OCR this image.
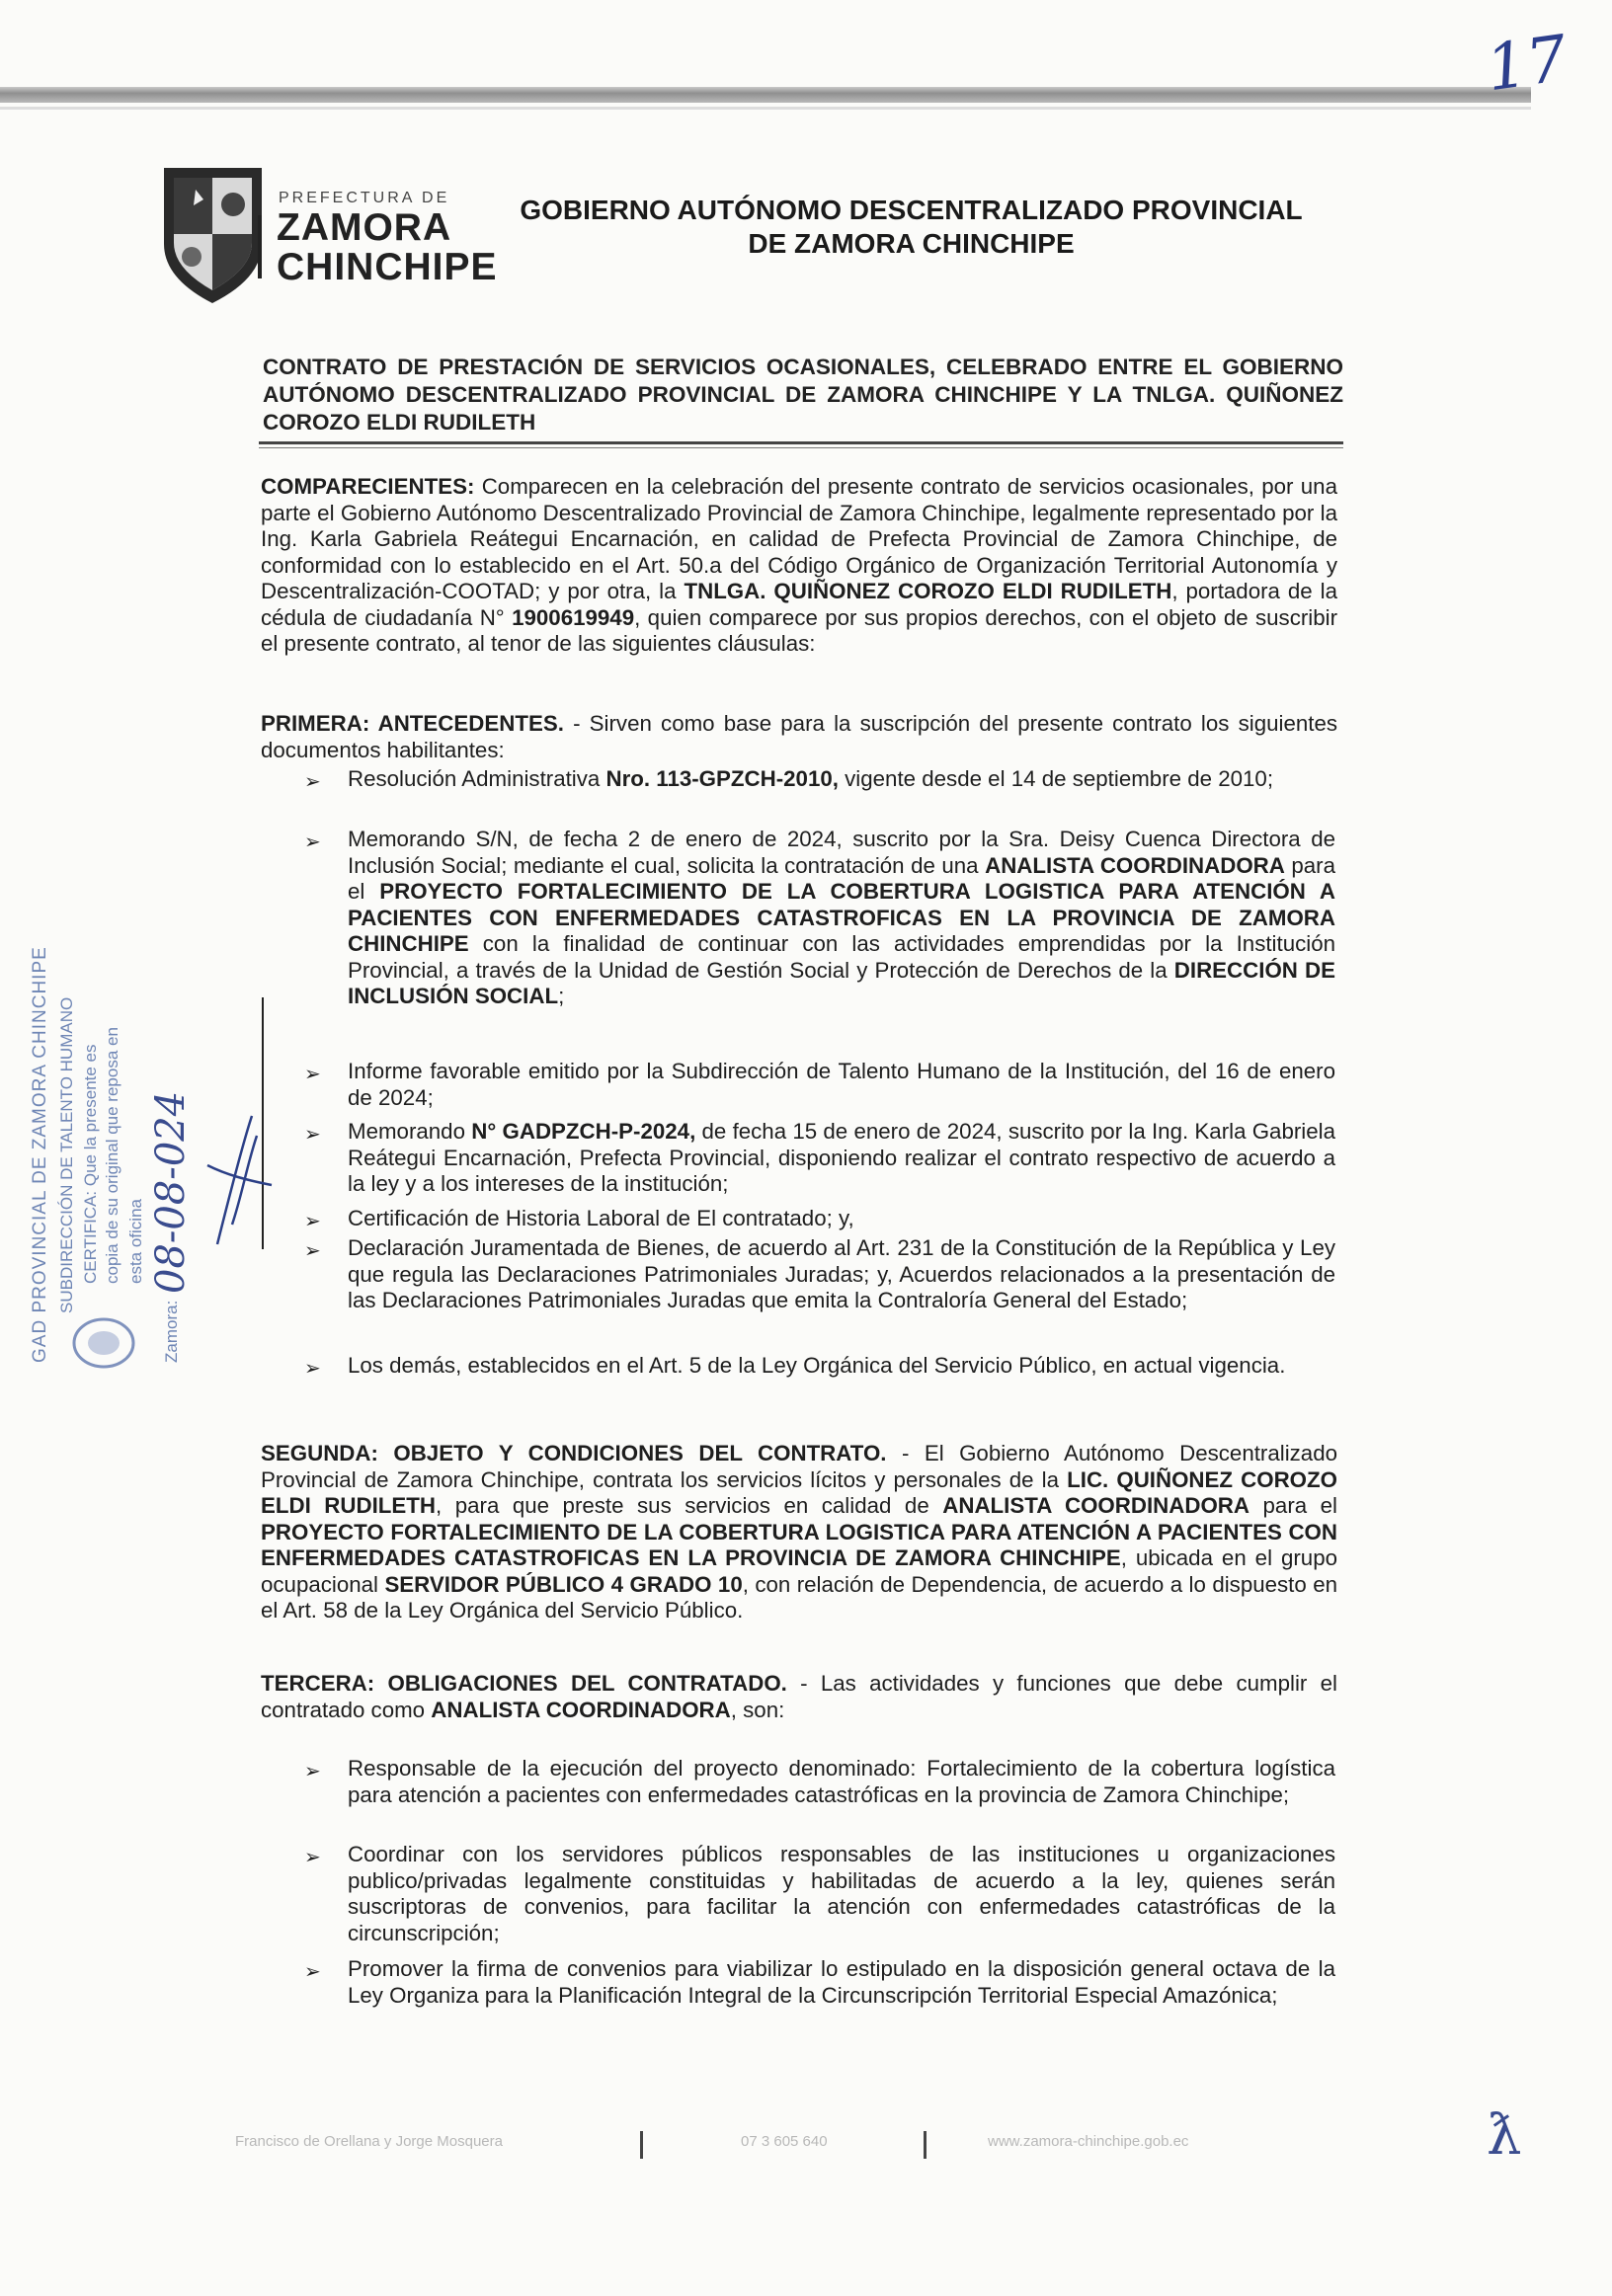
17
PREFECTURA DE
ZAMORA
CHINCHIPE
GOBIERNO AUTÓNOMO DESCENTRALIZADO PROVINCIAL
DE ZAMORA CHINCHIPE
CONTRATO DE PRESTACIÓN DE SERVICIOS OCASIONALES, CELEBRADO ENTRE EL GOBIERNO AUTÓNOMO DESCENTRALIZADO PROVINCIAL DE ZAMORA CHINCHIPE Y LA TNLGA. QUIÑONEZ COROZO ELDI RUDILETH
COMPARECIENTES: Comparecen en la celebración del presente contrato de servicios ocasionales, por una parte el Gobierno Autónomo Descentralizado Provincial de Zamora Chinchipe, legalmente representado por la Ing. Karla Gabriela Reátegui Encarnación, en calidad de Prefecta Provincial de Zamora Chinchipe, de conformidad con lo establecido en el Art. 50.a del Código Orgánico de Organización Territorial Autonomía y Descentralización-COOTAD; y por otra, la TNLGA. QUIÑONEZ COROZO ELDI RUDILETH, portadora de la cédula de ciudadanía N° 1900619949, quien comparece por sus propios derechos, con el objeto de suscribir el presente contrato, al tenor de las siguientes cláusulas:
PRIMERA: ANTECEDENTES. - Sirven como base para la suscripción del presente contrato los siguientes documentos habilitantes:
➢ Resolución Administrativa Nro. 113-GPZCH-2010, vigente desde el 14 de septiembre de 2010;
➢ Memorando S/N, de fecha 2 de enero de 2024, suscrito por la Sra. Deisy Cuenca Directora de Inclusión Social; mediante el cual, solicita la contratación de una ANALISTA COORDINADORA para el PROYECTO FORTALECIMIENTO DE LA COBERTURA LOGISTICA PARA ATENCIÓN A PACIENTES CON ENFERMEDADES CATASTROFICAS EN LA PROVINCIA DE ZAMORA CHINCHIPE con la finalidad de continuar con las actividades emprendidas por la Institución Provincial, a través de la Unidad de Gestión Social y Protección de Derechos de la DIRECCIÓN DE INCLUSIÓN SOCIAL;
➢ Informe favorable emitido por la Subdirección de Talento Humano de la Institución, del 16 de enero de 2024;
➢ Memorando N° GADPZCH-P-2024, de fecha 15 de enero de 2024, suscrito por la Ing. Karla Gabriela Reátegui Encarnación, Prefecta Provincial, disponiendo realizar el contrato respectivo de acuerdo a la ley y a los intereses de la institución;
➢ Certificación de Historia Laboral de El contratado; y,
➢ Declaración Juramentada de Bienes, de acuerdo al Art. 231 de la Constitución de la República y Ley que regula las Declaraciones Patrimoniales Juradas; y, Acuerdos relacionados a la presentación de las Declaraciones Patrimoniales Juradas que emita la Contraloría General del Estado;
➢ Los demás, establecidos en el Art. 5 de la Ley Orgánica del Servicio Público, en actual vigencia.
SEGUNDA: OBJETO Y CONDICIONES DEL CONTRATO. - El Gobierno Autónomo Descentralizado Provincial de Zamora Chinchipe, contrata los servicios lícitos y personales de la LIC. QUIÑONEZ COROZO ELDI RUDILETH, para que preste sus servicios en calidad de ANALISTA COORDINADORA para el PROYECTO FORTALECIMIENTO DE LA COBERTURA LOGISTICA PARA ATENCIÓN A PACIENTES CON ENFERMEDADES CATASTROFICAS EN LA PROVINCIA DE ZAMORA CHINCHIPE, ubicada en el grupo ocupacional SERVIDOR PÚBLICO 4 GRADO 10, con relación de Dependencia, de acuerdo a lo dispuesto en el Art. 58 de la Ley Orgánica del Servicio Público.
TERCERA: OBLIGACIONES DEL CONTRATADO. - Las actividades y funciones que debe cumplir el contratado como ANALISTA COORDINADORA, son:
➢ Responsable de la ejecución del proyecto denominado: Fortalecimiento de la cobertura logística para atención a pacientes con enfermedades catastróficas en la provincia de Zamora Chinchipe;
➢ Coordinar con los servidores públicos responsables de las instituciones u organizaciones publico/privadas legalmente constituidas y habilitadas de acuerdo a la ley, quienes serán suscriptoras de convenios, para facilitar la atención con enfermedades catastróficas de la circunscripción;
➢ Promover la firma de convenios para viabilizar lo estipulado en la disposición general octava de la Ley Organiza para la Planificación Integral de la Circunscripción Territorial Especial Amazónica;
GAD PROVINCIAL DE ZAMORA CHINCHIPE SUBDIRECCIÓN DE TALENTO HUMANO CERTIFICA: Que la presente es copia de su original que reposa en esta oficina
Zamora:
08-08-024
Francisco de Orellana y Jorge Mosquera	07 3 605 640	www.zamora-chinchipe.gob.ec	ƛ
